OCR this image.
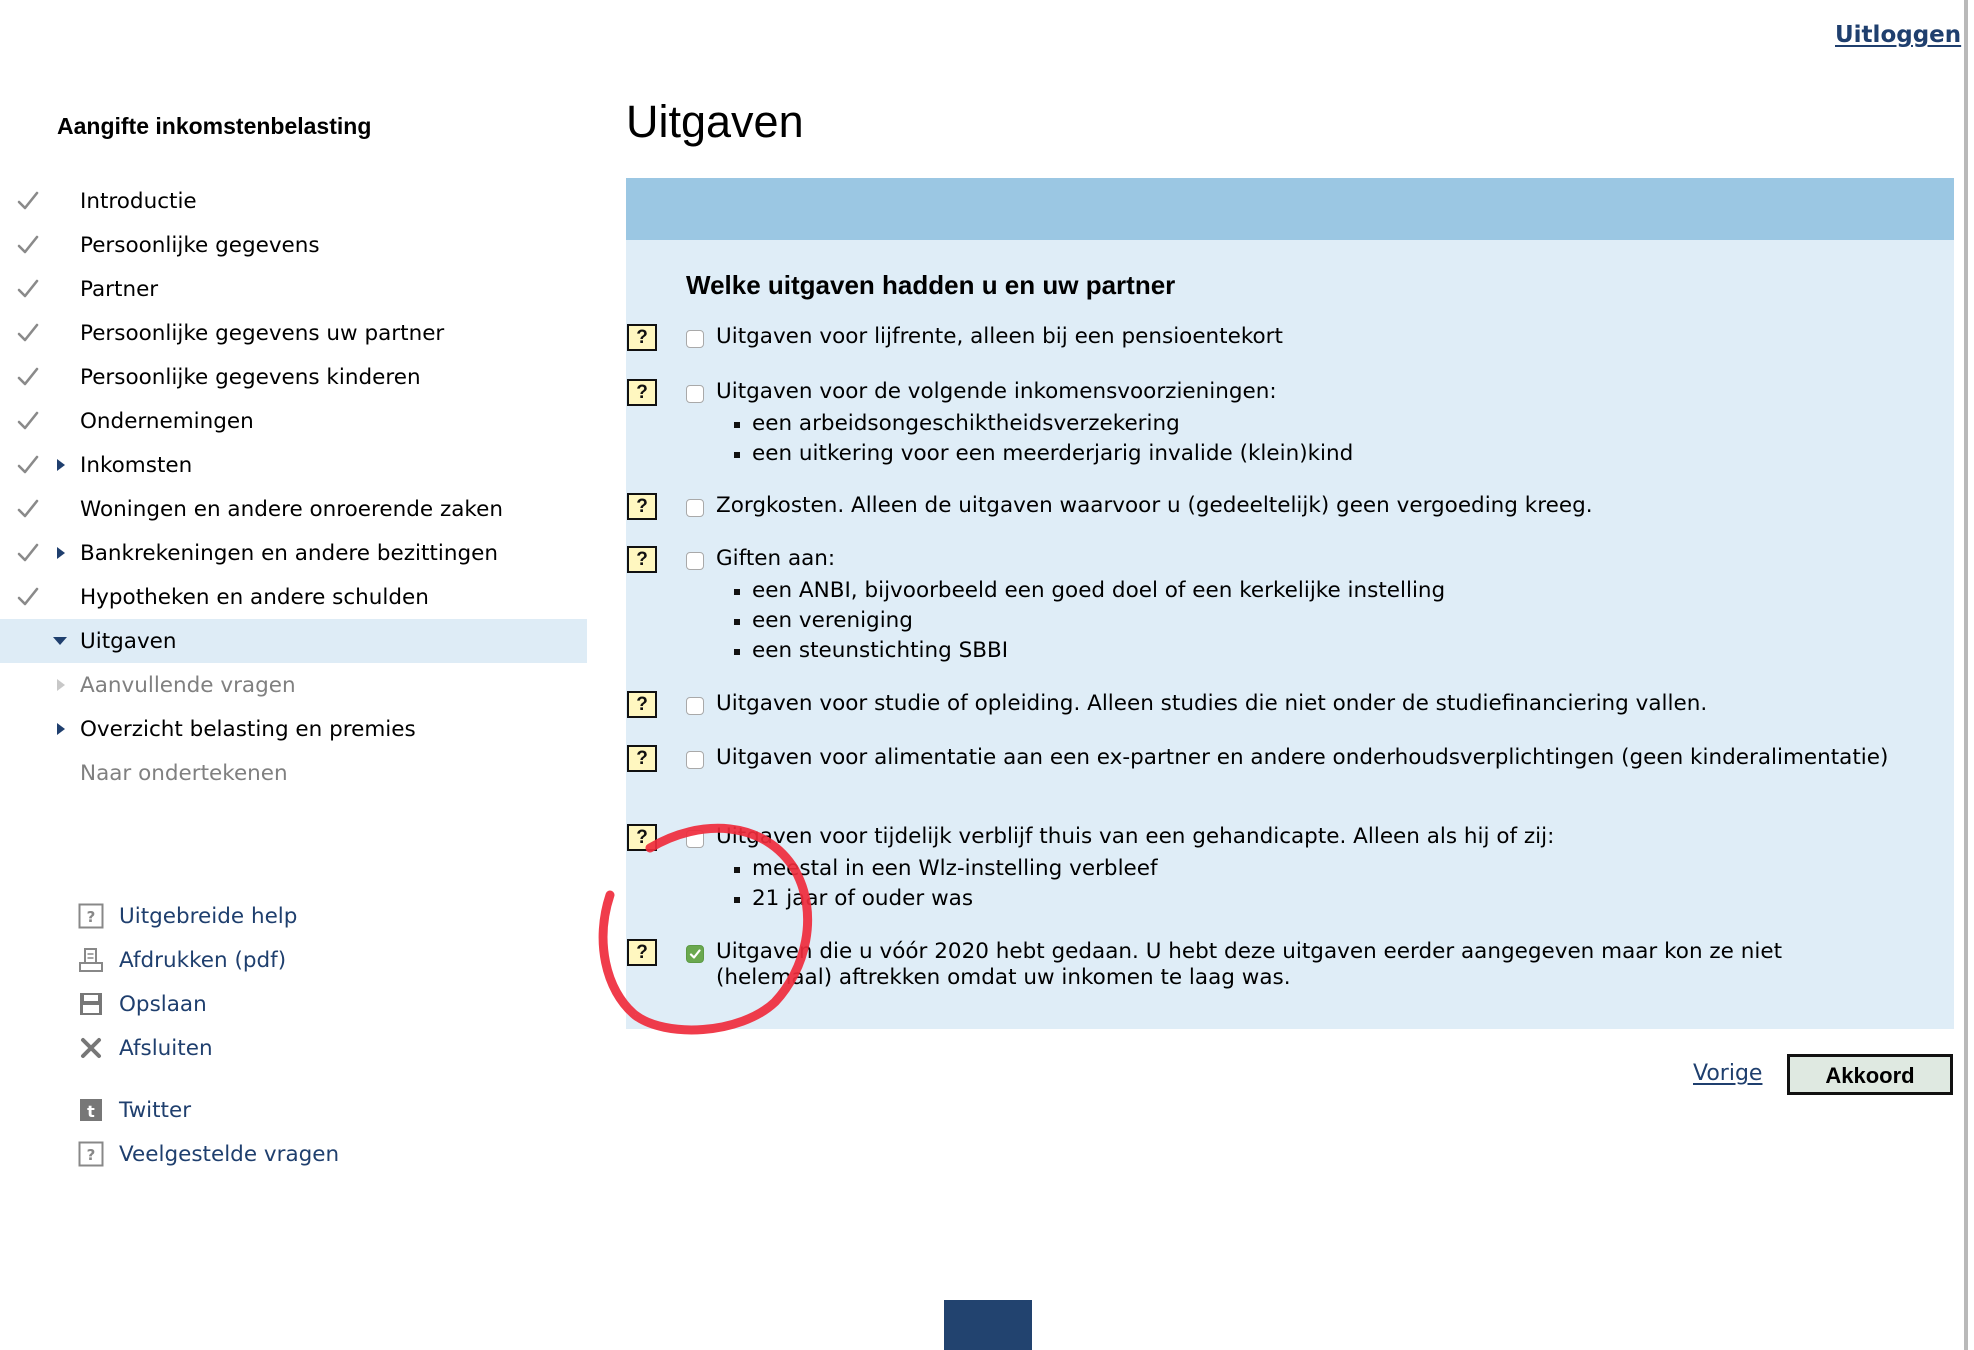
Uitloggen
Aangifte inkomstenbelasting
Introductie
Persoonlijke gegevens
Partner
Persoonlijke gegevens uw partner
Persoonlijke gegevens kinderen
Ondernemingen
Inkomsten
Woningen en andere onroerende zaken
Bankrekeningen en andere bezittingen
Hypotheken en andere schulden
Uitgaven
Aanvullende vragen
Overzicht belasting en premies
Naar ondertekenen
? Uitgebreide help
Afdrukken (pdf)
Opslaan
Afsluiten
t Twitter
? Veelgestelde vragen
Uitgaven
Welke uitgaven hadden u en uw partner
?	Uitgaven voor lijfrente, alleen bij een pensioentekort
?	Uitgaven voor de volgende inkomensvoorzieningen:
een arbeidsongeschiktheidsverzekering
een uitkering voor een meerderjarig invalide (klein)kind
?	Zorgkosten. Alleen de uitgaven waarvoor u (gedeeltelijk) geen vergoeding kreeg.
?	Giften aan:
een ANBI, bijvoorbeeld een goed doel of een kerkelijke instelling
een vereniging
een steunstichting SBBI
?	Uitgaven voor studie of opleiding. Alleen studies die niet onder de studiefinanciering vallen.
?	Uitgaven voor alimentatie aan een ex-partner en andere onderhoudsverplichtingen (geen kinderalimentatie)
?	Uitgaven voor tijdelijk verblijf thuis van een gehandicapte. Alleen als hij of zij:
meestal in een Wlz-instelling verbleef
21 jaar of ouder was
?	Uitgaven die u vóór 2020 hebt gedaan. U hebt deze uitgaven eerder aangegeven maar kon ze niet (helemaal) aftrekken omdat uw inkomen te laag was.
Vorige	Akkoord
